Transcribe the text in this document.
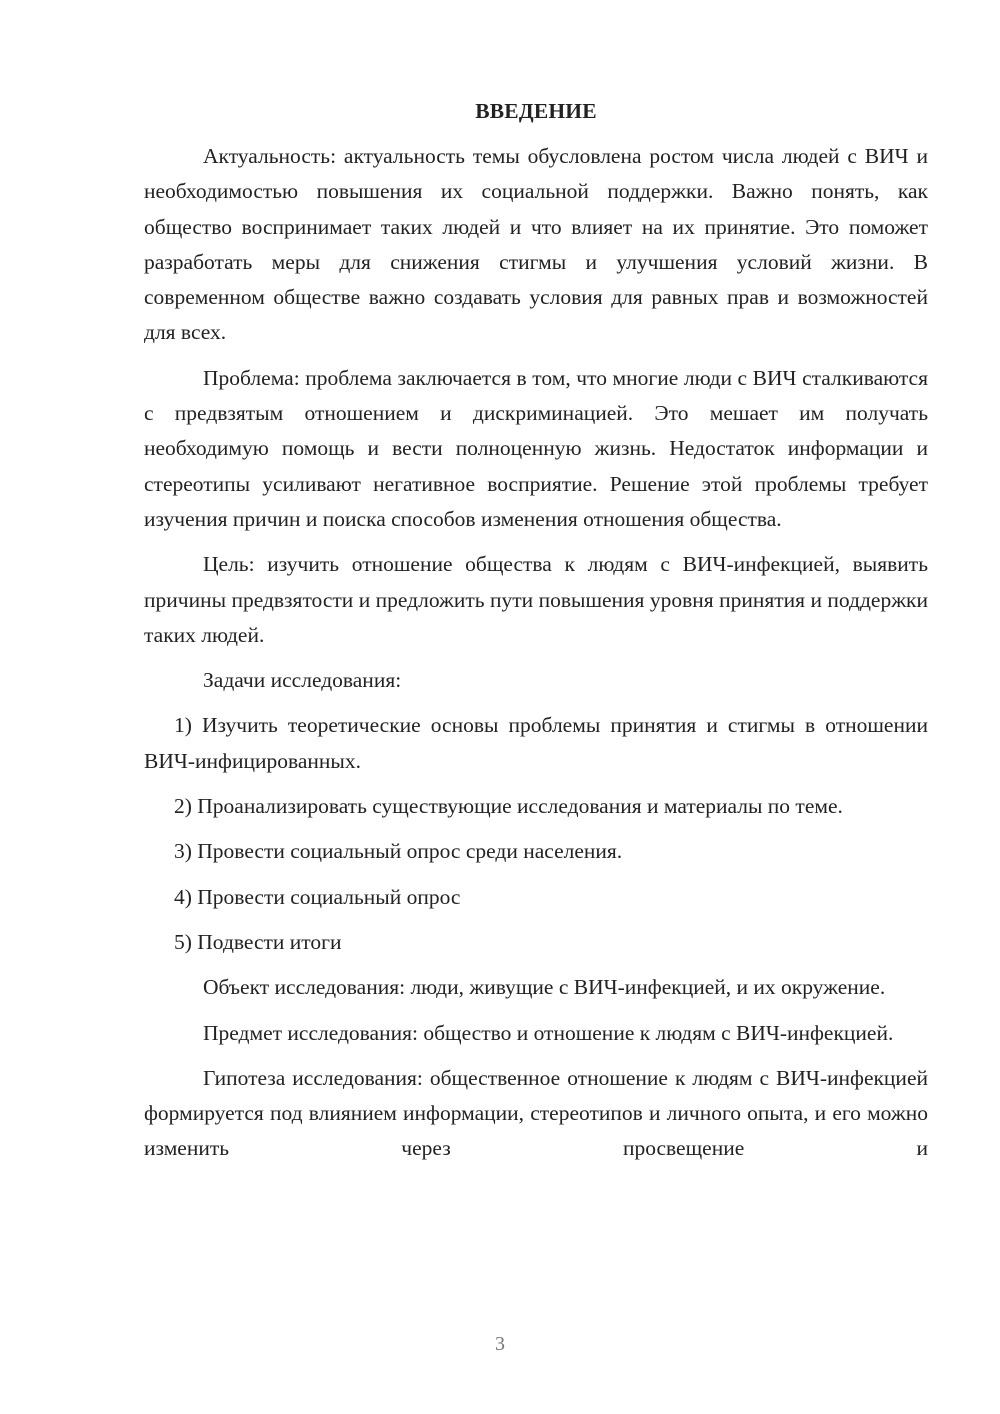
ВВЕДЕНИЕ

Актуальность: актуальность темы обусловлена ростом числа людей с ВИЧ и необходимостью повышения их социальной поддержки. Важно понять, как общество воспринимает таких людей и что влияет на их принятие. Это поможет разработать меры для снижения стигмы и улучшения условий жизни. В современном обществе важно создавать условия для равных прав и возможностей для всех.

Проблема: проблема заключается в том, что многие люди с ВИЧ сталкиваются с предвзятым отношением и дискриминацией. Это мешает им получать необходимую помощь и вести полноценную жизнь. Недостаток информации и стереотипы усиливают негативное восприятие. Решение этой проблемы требует изучения причин и поиска способов изменения отношения общества.

Цель: изучить отношение общества к людям с ВИЧ-инфекцией, выявить причины предвзятости и предложить пути повышения уровня принятия и поддержки таких людей.

Задачи исследования:

1) Изучить теоретические основы проблемы принятия и стигмы в отношении ВИЧ-инфицированных.

2) Проанализировать существующие исследования и материалы по теме.

3) Провести социальный опрос среди населения.

4) Провести социальный опрос

5) Подвести итоги

Объект исследования: люди, живущие с ВИЧ-инфекцией, и их окружение.

Предмет исследования: общество и отношение к людям с ВИЧ-инфекцией.

Гипотеза исследования: общественное отношение к людям с ВИЧ-инфекцией формируется под влиянием информации, стереотипов и личного опыта, и его можно изменить через просвещение и

3
